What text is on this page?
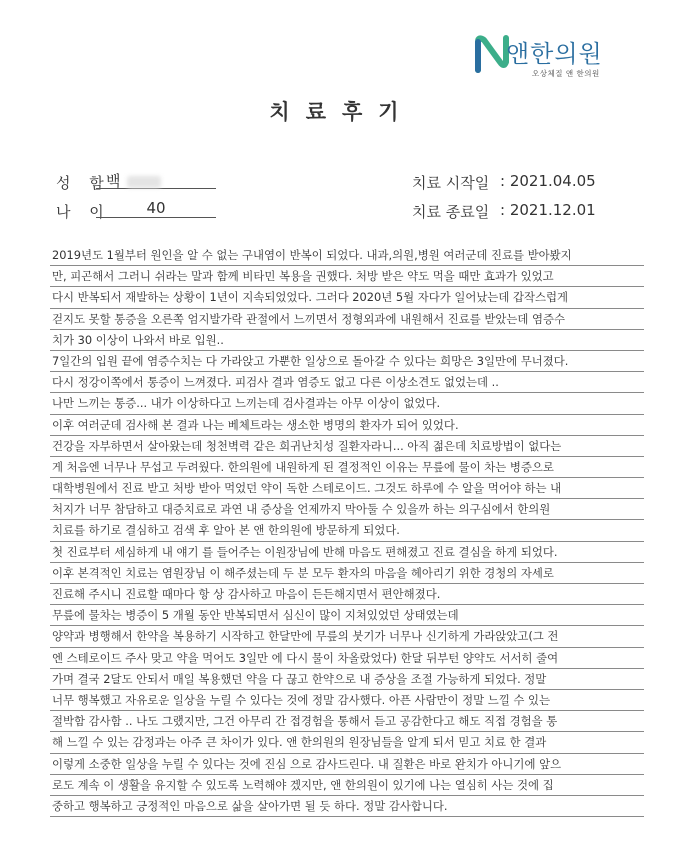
앤한의원
오상체질 앤 한의원
치료후기
성 함
백
나 이	40
치료 시작일 : 2021.04.05
치료 종료일 : 2021.12.01
2019년도 1월부터 원인을 알 수 없는 구내염이 반복이 되었다. 내과,의원,병원 여러군데 진료를 받아봤지
만, 피곤해서 그러니 쉬라는 말과 함께 비타민 복용을 권했다. 처방 받은 약도 먹을 때만 효과가 있었고
다시 반복되서 재발하는 상황이 1년이 지속되었었다. 그러다 2020년 5월 자다가 일어났는데 갑작스럽게
걷지도 못할 통증을 오른쪽 엄지발가락 관절에서 느끼면서 정형외과에 내원해서 진료를 받았는데 염증수
치가 30 이상이 나와서 바로 입원..
7일간의 입원 끝에 염증수치는 다 가라앉고 가뿐한 일상으로 돌아갈 수 있다는 희망은 3일만에 무너졌다.
다시 정강이쪽에서 통증이 느껴졌다. 피검사 결과 염증도 없고 다른 이상소견도 없었는데 ..
나만 느끼는 통증... 내가 이상하다고 느끼는데 검사결과는 아무 이상이 없었다.
이후 여러군데 검사해 본 결과 나는 베체트라는 생소한 병명의 환자가 되어 있었다.
건강을 자부하면서 살아왔는데 청천벽력 같은 희귀난치성 질환자라니... 아직 젊은데 치료방법이 없다는
게 처음엔 너무나 무섭고 두려웠다. 한의원에 내원하게 된 결정적인 이유는 무릎에 물이 차는 병증으로
대학병원에서 진료 받고 처방 받아 먹었던 약이 독한 스테로이드. 그것도 하루에 수 알을 먹어야 하는 내
처지가 너무 참담하고 대증치료로 과연 내 증상을 언제까지 막아둘 수 있을까 하는 의구심에서 한의원
치료를 하기로 결심하고 검색 후 알아 본 앤 한의원에 방문하게 되었다.
첫 진료부터 세심하게 내 얘기 를 들어주는 이원장님에 반해 마음도 편해졌고 진료 결심을 하게 되었다.
이후 본격적인 치료는 염원장님 이 해주셨는데 두 분 모두 환자의 마음을 헤아리기 위한 경청의 자세로
진료해 주시니 진료할 때마다 항 상 감사하고 마음이 든든해지면서 편안해졌다.
무릎에 물차는 병증이 5 개월 동안 반복되면서 심신이 많이 지쳐있었던 상태였는데
양약과 병행해서 한약을 복용하기 시작하고 한달만에 무릎의 붓기가 너무나 신기하게 가라앉았고(그 전
엔 스테로이드 주사 맞고 약을 먹어도 3일만 에 다시 물이 차올랐었다) 한달 뒤부턴 양약도 서서히 줄여
가며 결국 2달도 안되서 매일 복용했던 약을 다 끊고 한약으로 내 증상을 조절 가능하게 되었다. 정말
너무 행복했고 자유로운 일상을 누릴 수 있다는 것에 정말 감사했다. 아픈 사람만이 정말 느낄 수 있는
절박함 감사함 .. 나도 그랬지만, 그건 아무리 간 접경험을 통해서 듣고 공감한다고 해도 직접 경험을 통
해 느낄 수 있는 감정과는 아주 큰 차이가 있다. 앤 한의원의 원장님들을 알게 되서 믿고 치료 한 결과
이렇게 소중한 일상을 누릴 수 있다는 것에 진심 으로 감사드린다. 내 질환은 바로 완치가 아니기에 앞으
로도 계속 이 생활을 유지할 수 있도록 노력해야 겠지만, 앤 한의원이 있기에 나는 열심히 사는 것에 집
중하고 행복하고 긍정적인 마음으로 삶을 살아가면 될 듯 하다. 정말 감사합니다.
